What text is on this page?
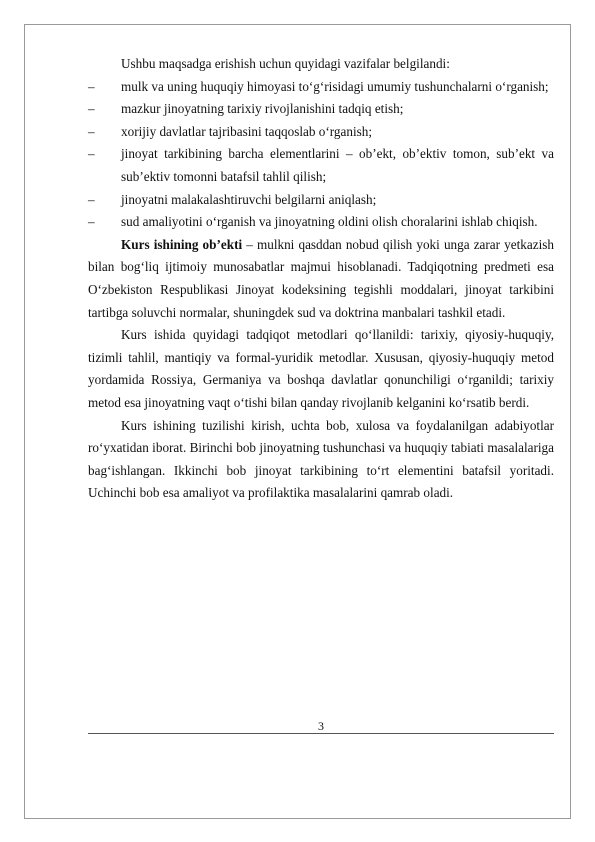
Ushbu maqsadga erishish uchun quyidagi vazifalar belgilandi:

– mulk va uning huquqiy himoyasi to‘g‘risidagi umumiy tushunchalarni o‘rganish;
– mazkur jinoyatning tarixiy rivojlanishini tadqiq etish;
– xorijiy davlatlar tajribasini taqqoslab o‘rganish;
– jinoyat tarkibining barcha elementlarini – ob’ekt, ob’ektiv tomon, sub’ekt va sub’ektiv tomonni batafsil tahlil qilish;
– jinoyatni malakalashtiruvchi belgilarni aniqlash;
– sud amaliyotini o‘rganish va jinoyatning oldini olish choralarini ishlab chiqish.

Kurs ishining ob’ekti – mulkni qasddan nobud qilish yoki unga zarar yetkazish bilan bog‘liq ijtimoiy munosabatlar majmui hisoblanadi. Tadqiqotning predmeti esa O‘zbekiston Respublikasi Jinoyat kodeksining tegishli moddalari, jinoyat tarkibini tartibga soluvchi normalar, shuningdek sud va doktrina manbalari tashkil etadi.

Kurs ishida quyidagi tadqiqot metodlari qo‘llanildi: tarixiy, qiyosiy-huquqiy, tizimli tahlil, mantiqiy va formal-yuridik metodlar. Xususan, qiyosiy-huquqiy metod yordamida Rossiya, Germaniya va boshqa davlatlar qonunchiligi o‘rganildi; tarixiy metod esa jinoyatning vaqt o‘tishi bilan qanday rivojlanib kelganini ko‘rsatib berdi.

Kurs ishining tuzilishi kirish, uchta bob, xulosa va foydalanilgan adabiyotlar ro‘yxatidan iborat. Birinchi bob jinoyatning tushunchasi va huquqiy tabiati masalalariga bag‘ishlangan. Ikkinchi bob jinoyat tarkibining to‘rt elementini batafsil yoritadi. Uchinchi bob esa amaliyot va profilaktika masalalarini qamrab oladi.

3
